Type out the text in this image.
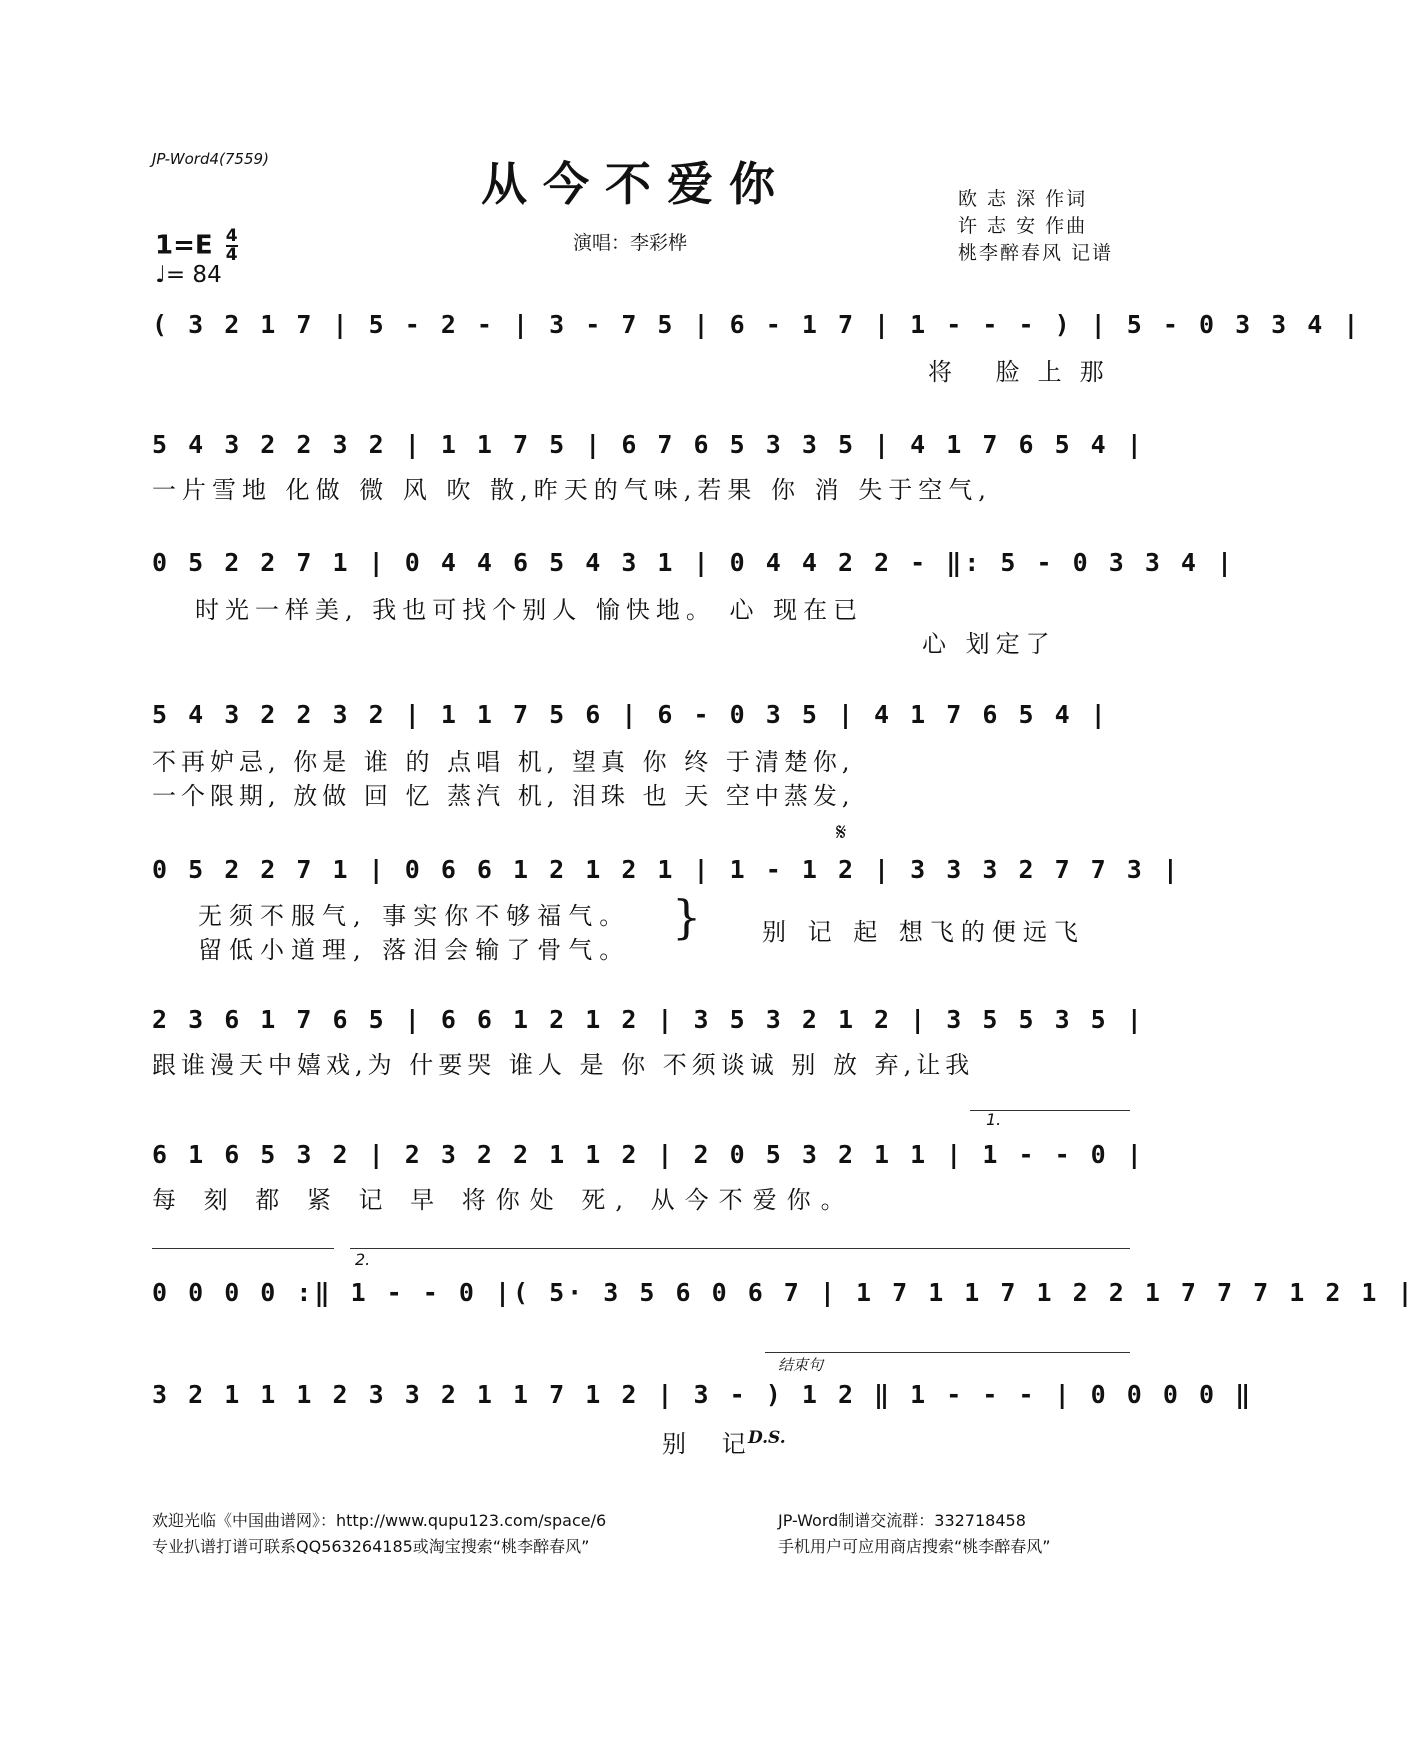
JP-Word4(7559)	从今不爱你
演唱：李彩桦
欧 志 深 作词
许 志 安 作曲
桃李醉春风 记谱
$1=E \frac{4}{4}$
♩= 84
( 3 2 1 7 | 5 - 2 - | 3 - 7 5 | 6 - 1 7 | 1 - - - ) | 5 - 0 3 3 4 |
将 脸上那
5 4 3 2 2 3 2 | 1 1 7 5 | 6 7 6 5 3 3 5 | 4 1 7 6 5 4 |
一片雪地 化做 微 风 吹 散,昨天的气味,若果 你 消 失于空气,
0 5 2 2 7 1 | 0 4 4 6 5 4 3 1 | 0 4 4 2 2 - ‖: 5 - 0 3 3 4 |
时光一样美, 我也可找个别人 愉快地。 心 现在已
心 划定了
5 4 3 2 2 3 2 | 1 1 7 5 6 | 6 - 0 3 5 | 4 1 7 6 5 4 |
不再妒忌, 你是 谁 的 点唱 机, 望真 你 终 于清楚你,
一个限期, 放做 回 忆 蒸汽 机, 泪珠 也 天 空中蒸发,
𝄋
0 5 2 2 7 1 | 0 6 6 1 2 1 2 1 | 1 - 1 2 | 3 3 3 2 7 7 3 |
无须不服气, 事实你不够福气。
留低小道理, 落泪会输了骨气。
}	别 记 起 想飞的便远飞
2 3 6 1 7 6 5 | 6 6 1 2 1 2 | 3 5 3 2 1 2 | 3 5 5 3 5 |
跟谁漫天中嬉戏,为 什要哭 谁人 是 你 不须谈诚 别 放 弃,让我
1.
6 1 6 5 3 2 | 2 3 2 2 1 1 2 | 2 0 5 3 2 1 1 | 1 - - 0 |
每 刻 都 紧 记 早 将你处 死, 从今不爱你。
2.
0 0 0 0 :‖ 1 - - 0 |( 5· 3 5 6 0 6 7 | 1 7 1 1 7 1 2 2 1 7 7 7 1 2 1 |
结束句
3 2 1 1 1 2 3 3 2 1 1 7 1 2 | 3 - ) 1 2 ‖ 1 - - - | 0 0 0 0 ‖
别 记
D.S.
欢迎光临《中国曲谱网》：http://www.qupu123.com/space/6
专业扒谱打谱可联系QQ563264185或淘宝搜索“桃李醉春风”
JP-Word制谱交流群：332718458
手机用户可应用商店搜索“桃李醉春风”
